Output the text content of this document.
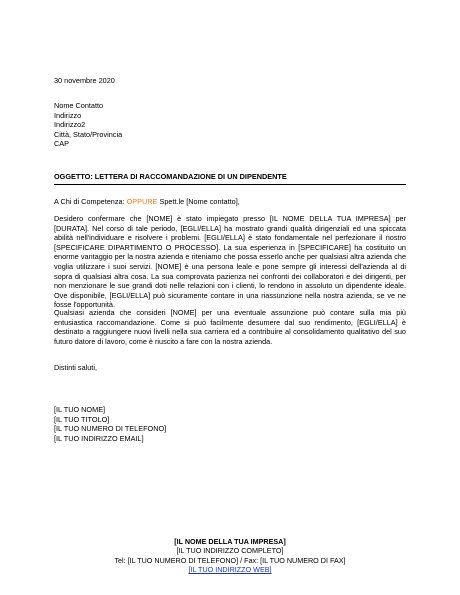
30 novembre 2020
Nome Contatto
Indirizzo
Indirizzo2
Città, Stato/Provincia
CAP
OGGETTO: LETTERA DI RACCOMANDAZIONE DI UN DIPENDENTE
A Chi di Competenza: OPPURE Spett.le [Nome contatto],
Desidero confermare che [NOME] è stato impiegato presso [IL NOME DELLA TUA IMPRESA] per [DURATA]. Nel corso di tale periodo, [EGLI/ELLA] ha mostrato grandi qualità dirigenziali ed una spiccata abilità nell'individuare e risolvere i problemi. [EGLI/ELLA] è stato fondamentale nel perfezionare il nostro [SPECIFICARE DIPARTIMENTO O PROCESSO]. La sua esperienza in [SPECIFICARE] ha costituito un enorme vantaggio per la nostra azienda e riteniamo che possa esserlo anche per qualsiasi altra azienda che voglia utilizzare i suoi servizi. [NOME] è una persona leale e pone sempre gli interessi dell'azienda al di sopra di qualsiasi altra cosa. La sua comprovata pazienza nei confronti dei collaboratori e dei dirigenti, per non menzionare le sue grandi doti nelle relazioni con i clienti, lo rendono in assoluto un dipendente ideale. Ove disponibile, [EGLI/ELLA] può sicuramente contare in una riassunzione nella nostra azienda, se ve ne fosse l'opportunità.
Qualsiasi azienda che consideri [NOME] per una eventuale assunzione può contare sulla mia più entusiastica raccomandazione. Come si può facilmente desumere dal suo rendimento, [EGLI/ELLA] è destinato a raggiungere nuovi livelli nella sua carriera ed a contribuire al consolidamento qualitativo del suo futuro datore di lavoro, come è riuscito a fare con la nostra azienda.
Distinti saluti,
[IL TUO NOME]
[IL TUO TITOLO]
[IL TUO NUMERO DI TELEFONO]
[IL TUO INDIRIZZO EMAIL]
[IL NOME DELLA TUA IMPRESA]
[IL TUO INDIRIZZO COMPLETO]
Tel: [IL TUO NUMERO DI TELEFONO] / Fax: [IL TUO NUMERO DI FAX]
[IL TUO INDIRIZZO WEB]
